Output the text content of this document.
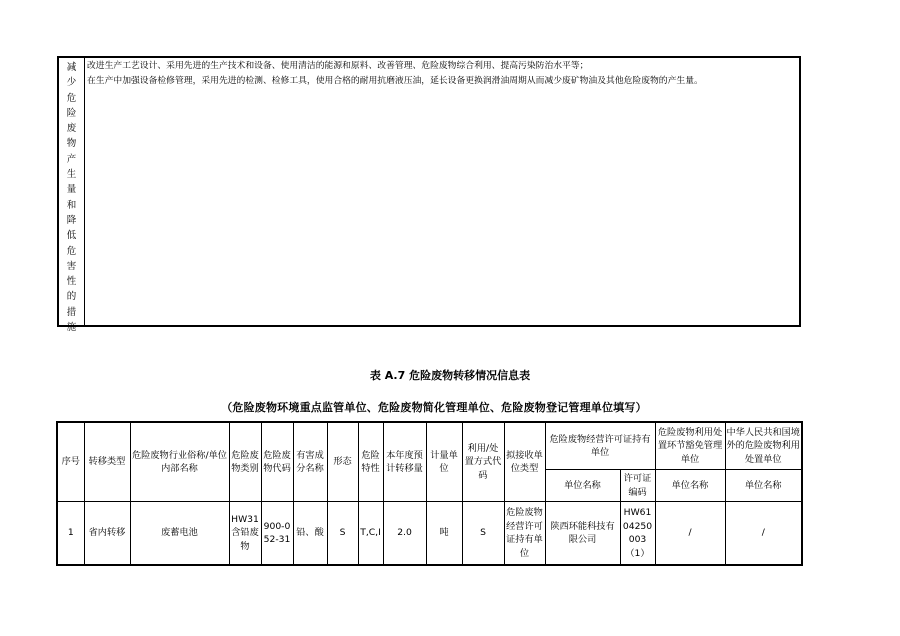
减
少
危
险
废
物
产
生
量
和
降
低
危
害
性
的
措
施

改进生产工艺设计、采用先进的生产技术和设备、使用清洁的能源和原料、改善管理、危险废物综合利用、提高污染防治水平等；

在生产中加强设备检修管理，采用先进的检测、检修工具，使用合格的耐用抗磨液压油，延长设备更换润滑油周期从而减少废矿物油及其他危险废物的产生量。

表 A.7 危险废物转移情况信息表
（危险废物环境重点监管单位、危险废物简化管理单位、危险废物登记管理单位填写）
序号	转移类型	危险废物行业俗称/单位内部名称	危险废物类别	危险废物代码	有害成分名称	形态	危险特性	本年度预计转移量	计量单位	利用/处置方式代码	拟接收单位类型	危险废物经营许可证持有单位		危险废物利用处置环节豁免管理单位	中华人民共和国境外的危险废物利用处置单位
												单位名称	许可证编码	单位名称	单位名称
1	省内转移	废蓄电池	HW31含铅废物	900-052-31	铅、酸	S	T,C,I	2.0	吨	S	危险废物经营许可证持有单位	陕西环能科技有限公司	HW6104250003（1）	/	/
